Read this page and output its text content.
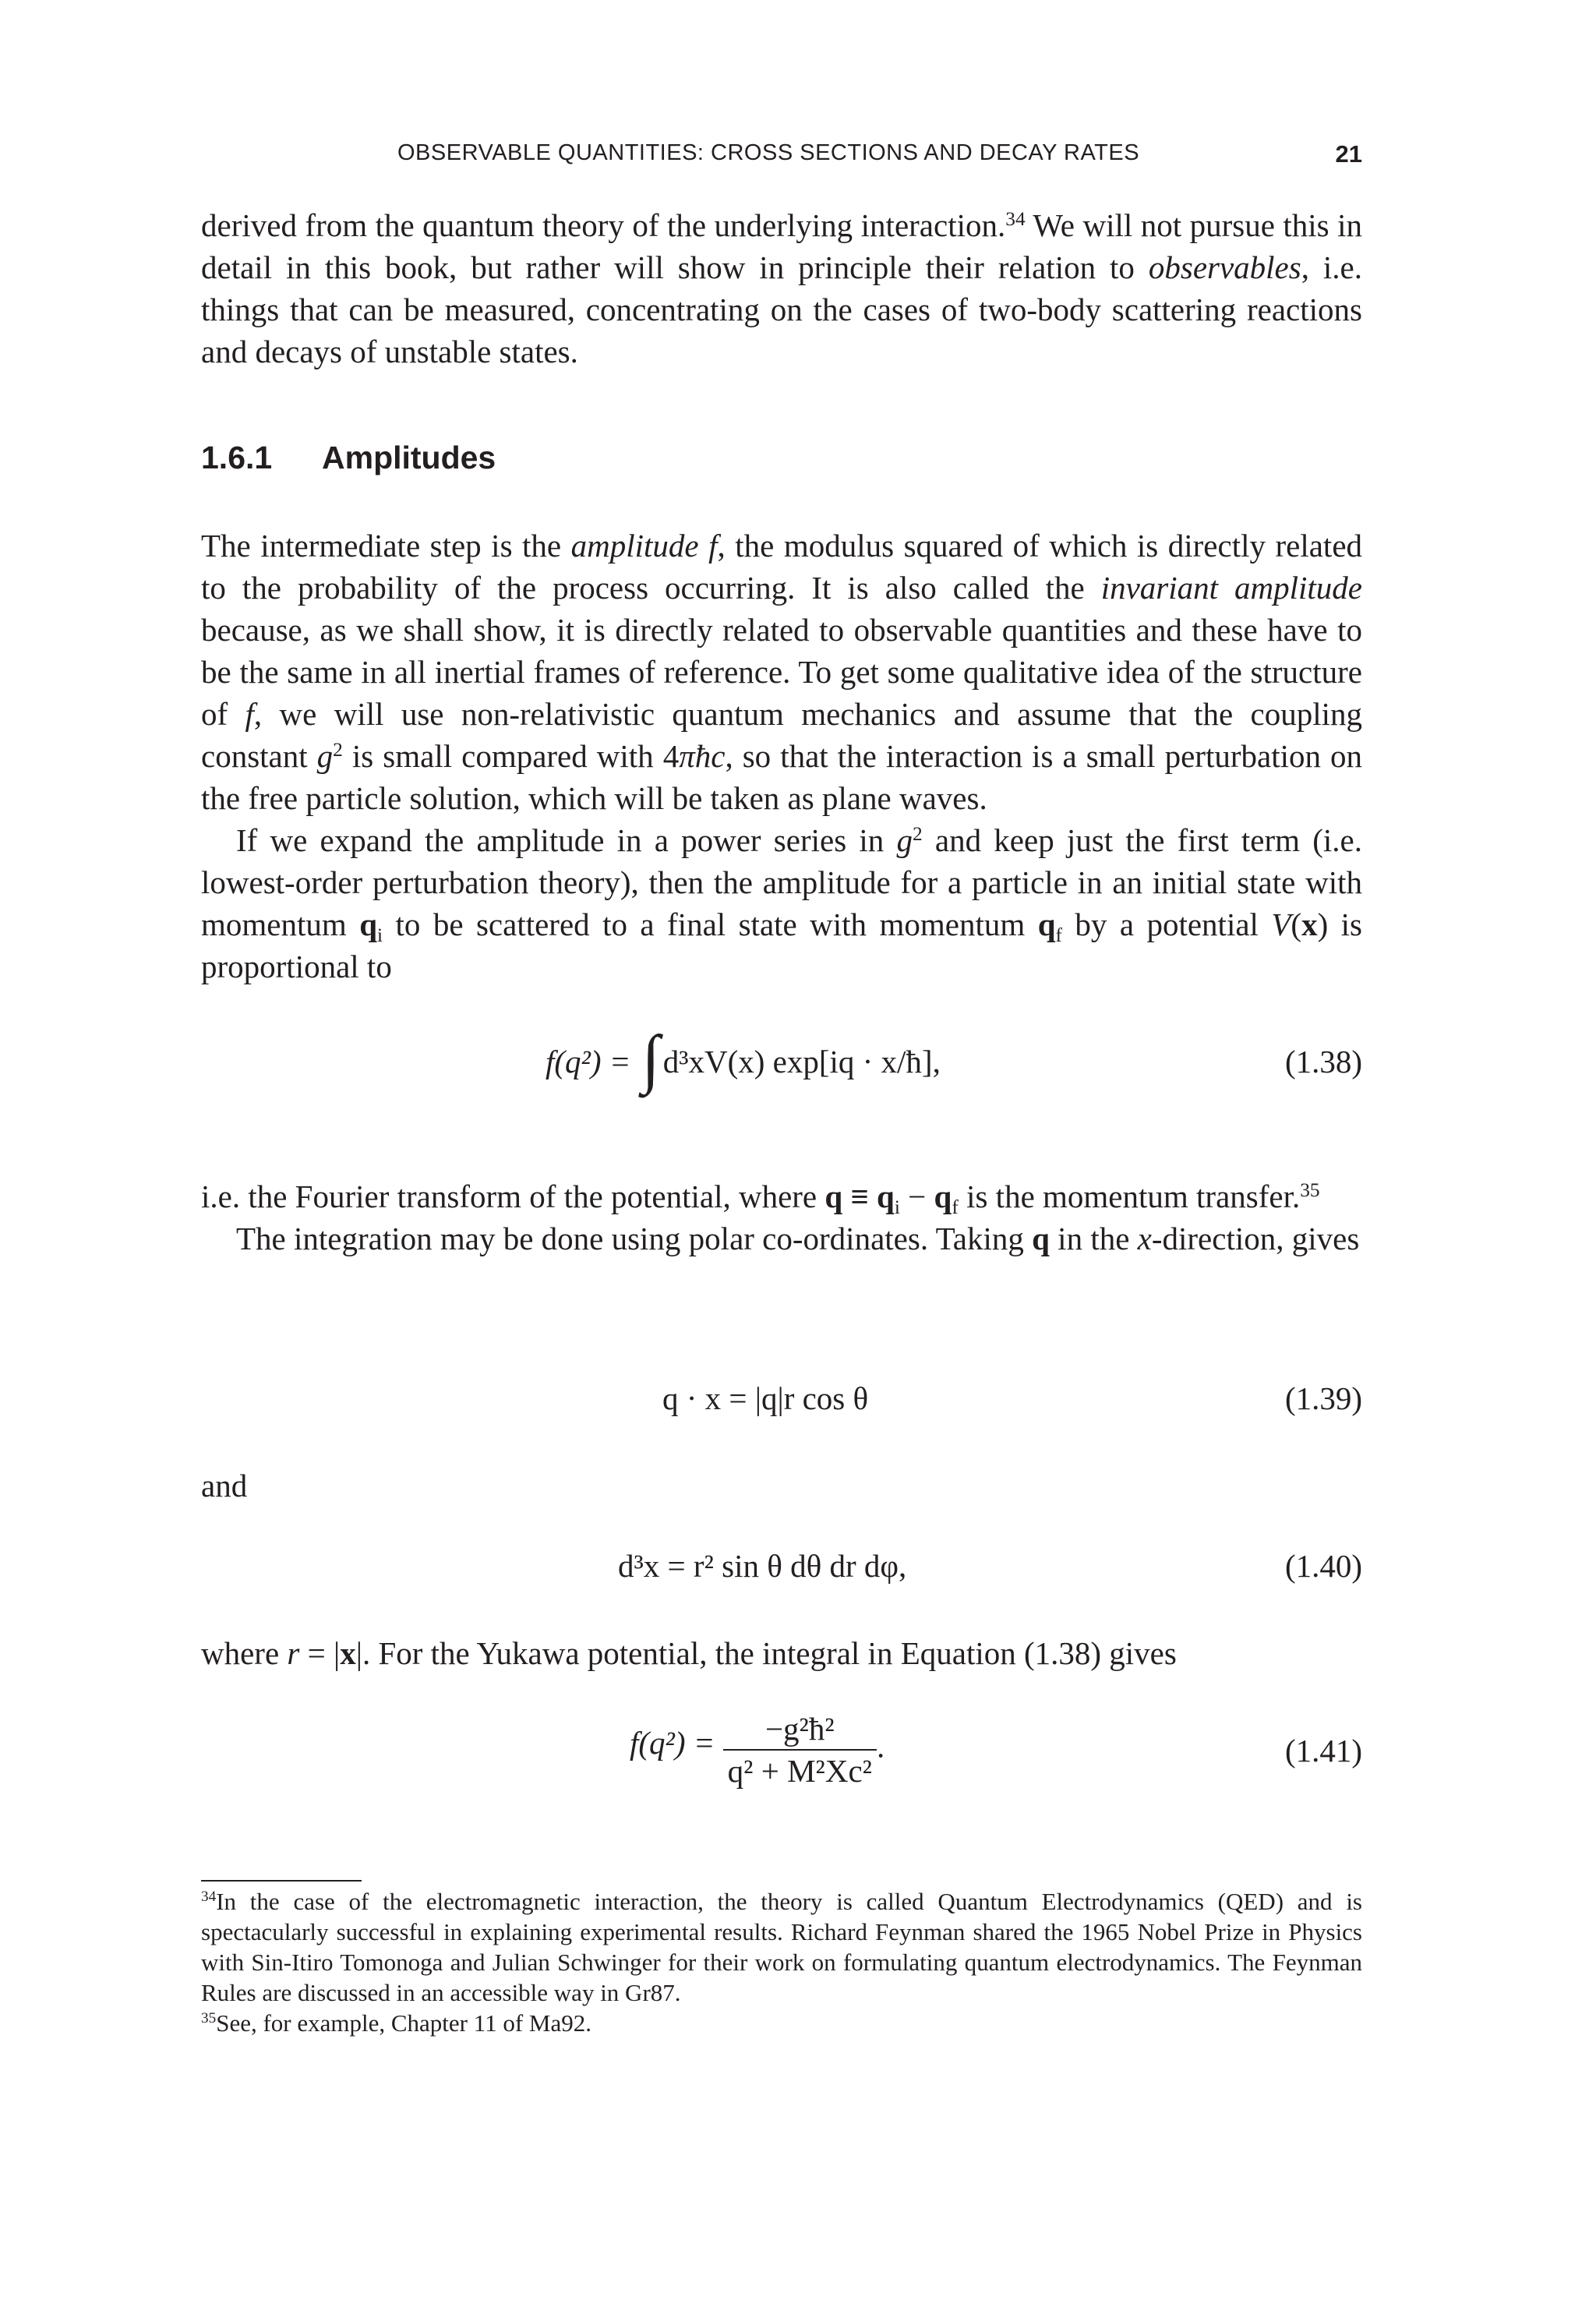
OBSERVABLE QUANTITIES: CROSS SECTIONS AND DECAY RATES	21

derived from the quantum theory of the underlying interaction.$^{34}$ We will not pursue this in detail in this book, but rather will show in principle their relation to observables, i.e. things that can be measured, concentrating on the cases of two-body scattering reactions and decays of unstable states.

1.6.1 Amplitudes

The intermediate step is the amplitude f, the modulus squared of which is directly related to the probability of the process occurring. It is also called the invariant amplitude because, as we shall show, it is directly related to observable quantities and these have to be the same in all inertial frames of reference. To get some qualitative idea of the structure of f, we will use non-relativistic quantum mechanics and assume that the coupling constant $g^2$ is small compared with 4πħc, so that the interaction is a small perturbation on the free particle solution, which will be taken as plane waves.

If we expand the amplitude in a power series in $g^2$ and keep just the first term (i.e. lowest-order perturbation theory), then the amplitude for a particle in an initial state with momentum $q_i$ to be scattered to a final state with momentum $q_f$ by a potential V(x) is proportional to

f(q²) = ∫d³xV(x) exp[iq · x/ħ],	(1.38)

i.e. the Fourier transform of the potential, where $q \equiv q_i - q_f$ is the momentum transfer.$^{35}$

The integration may be done using polar co-ordinates. Taking q in the x-direction, gives

q · x = |q|r cos θ	(1.39)

and

d³x = r² sin θ dθ dr dφ,	(1.40)

where r = |x|. For the Yukawa potential, the integral in Equation (1.38) gives

$f(q^2) = \frac{\text{−g²ħ²}}{\text{q² + M²Xc²}}$ .	(1.41)

$^{34}$In the case of the electromagnetic interaction, the theory is called Quantum Electrodynamics (QED) and is spectacularly successful in explaining experimental results. Richard Feynman shared the 1965 Nobel Prize in Physics with Sin-Itiro Tomonoga and Julian Schwinger for their work on formulating quantum electrodynamics. The Feynman Rules are discussed in an accessible way in Gr87.

$^{35}$See, for example, Chapter 11 of Ma92.
